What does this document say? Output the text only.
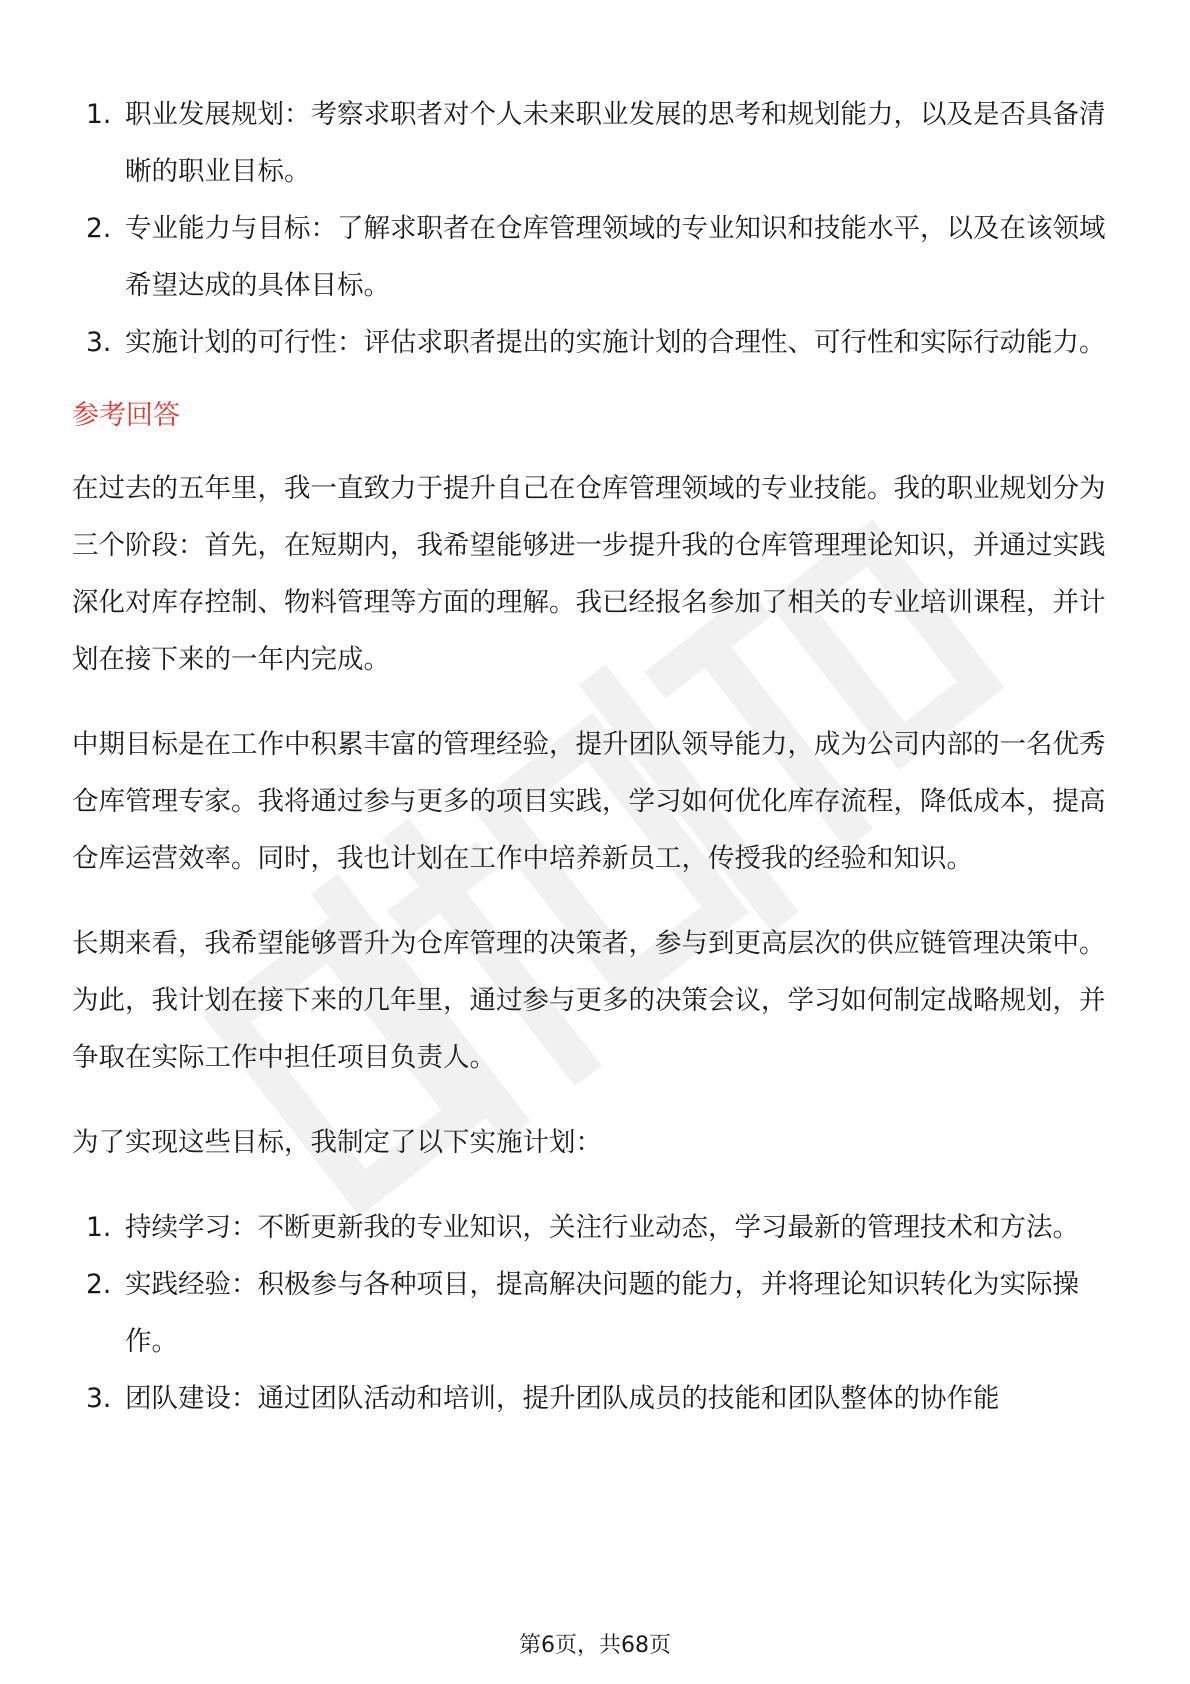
1. 职业发展规划：考察求职者对个人未来职业发展的思考和规划能力，以及是否具备清晰的职业目标。
2. 专业能力与目标：了解求职者在仓库管理领域的专业知识和技能水平，以及在该领域希望达成的具体目标。
3. 实施计划的可行性：评估求职者提出的实施计划的合理性、可行性和实际行动能力。
参考回答

在过去的五年里，我一直致力于提升自己在仓库管理领域的专业技能。我的职业规划分为三个阶段：首先，在短期内，我希望能够进一步提升我的仓库管理理论知识，并通过实践深化对库存控制、物料管理等方面的理解。我已经报名参加了相关的专业培训课程，并计划在接下来的一年内完成。

中期目标是在工作中积累丰富的管理经验，提升团队领导能力，成为公司内部的一名优秀仓库管理专家。我将通过参与更多的项目实践，学习如何优化库存流程，降低成本，提高仓库运营效率。同时，我也计划在工作中培养新员工，传授我的经验和知识。

长期来看，我希望能够晋升为仓库管理的决策者，参与到更高层次的供应链管理决策中。为此，我计划在接下来的几年里，通过参与更多的决策会议，学习如何制定战略规划，并争取在实际工作中担任项目负责人。

为了实现这些目标，我制定了以下实施计划：

1. 持续学习：不断更新我的专业知识，关注行业动态，学习最新的管理技术和方法。
2. 实践经验：积极参与各种项目，提高解决问题的能力，并将理论知识转化为实际操作。
3. 团队建设：通过团队活动和培训，提升团队成员的技能和团队整体的协作能
第6页，共68页
